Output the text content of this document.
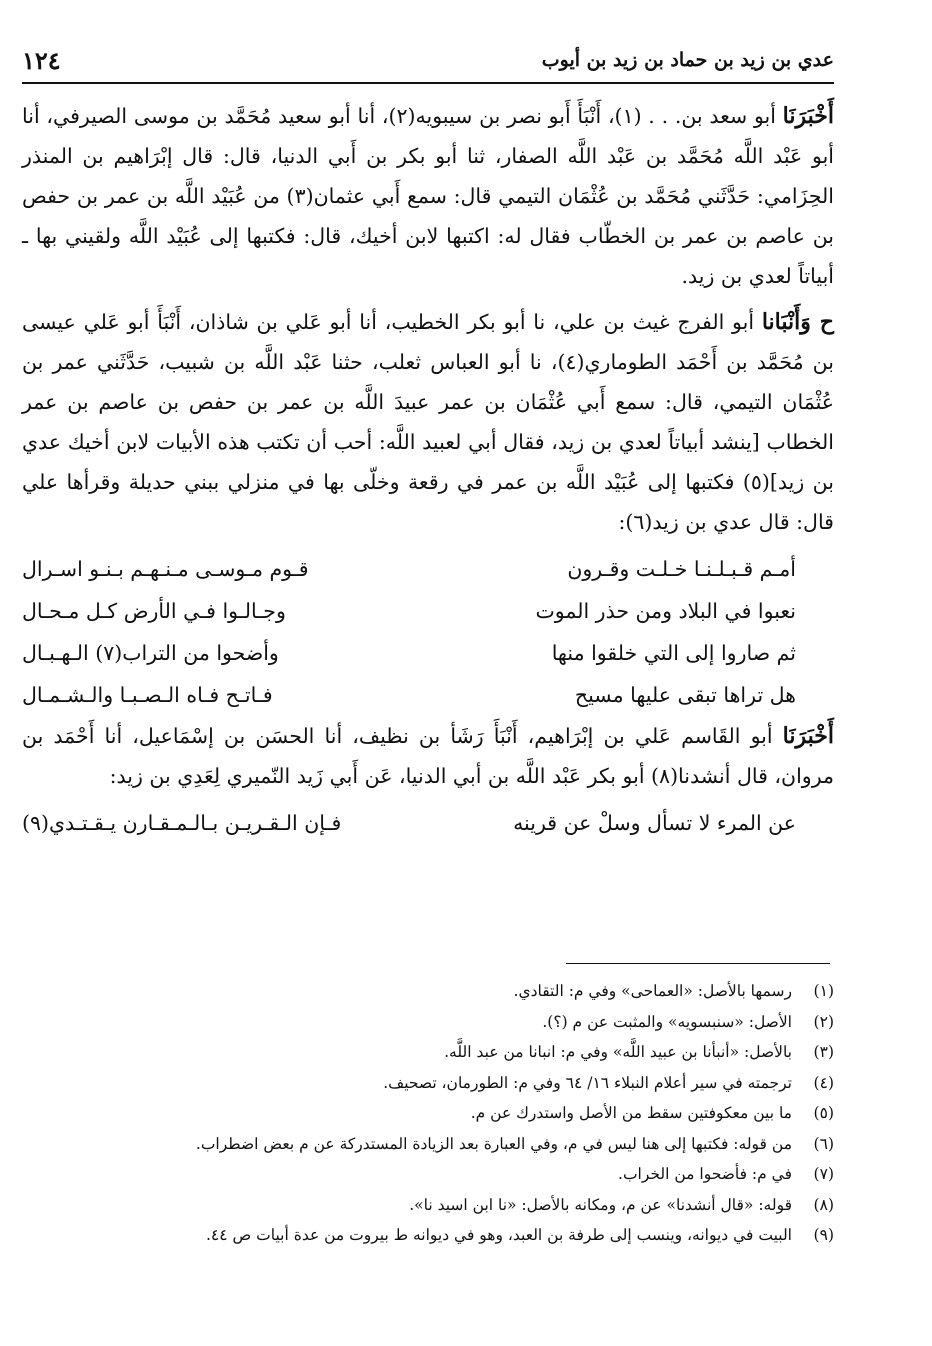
عدي بن زيد بن حماد بن زيد بن أيوب
١٢٤

أَخْبَرَنَا أبو سعد بن. . . (١)، أَنْبَأَ أَبو نصر بن سيبويه(٢)، أنا أبو سعيد مُحَمَّد بن موسى الصيرفي، أنا أبو عَبْد اللَّه مُحَمَّد بن عَبْد اللَّه الصفار، ثنا أبو بكر بن أَبي الدنيا، قال: قال إبْرَاهيم بن المنذر الحِزَامي: حَدَّثَني مُحَمَّد بن عُثْمَان التيمي قال: سمع أَبي عثمان(٣) من عُبَيْد اللَّه بن عمر بن حفص بن عاصم بن عمر بن الخطّاب فقال له: اكتبها لابن أخيك، قال: فكتبها إلى عُبَيْد اللَّه ولقيني بها ـ أبياتاً لعدي بن زيد.

ح وَأَنْبَانا أبو الفرج غيث بن علي، نا أبو بكر الخطيب، أنا أبو عَلي بن شاذان، أَنْبَأَ أبو عَلي عيسى بن مُحَمَّد بن أَحْمَد الطوماري(٤)، نا أبو العباس ثعلب، حثنا عَبْد اللَّه بن شبيب، حَدَّثَني عمر بن عُثْمَان التيمي، قال: سمع أَبي عُثْمَان بن عمر عبيدَ اللَّه بن عمر بن حفص بن عاصم بن عمر الخطاب [ينشد أبياتاً لعدي بن زيد، فقال أبي لعبيد اللَّه: أحب أن تكتب هذه الأبيات لابن أخيك عدي بن زيد](٥) فكتبها إلى عُبَيْد اللَّه بن عمر في رقعة وخلّى بها في منزلي ببني حديلة وقرأها علي قال: قال عدي بن زيد(٦):

أمـم قـبـلـنـا خـلـت وقـرون
قـوم مـوسـى مـنـهـم بـنـو اسـرال
نعبوا في البلاد ومن حذر الموت
وجـالـوا فـي الأرض كـل مـحـال
ثم صاروا إلى التي خلقوا منها
وأضحوا من التراب(٧) الـهـبـال
هل تراها تبقى عليها مسيح
فـاتـح فـاه الـصـبـا والـشـمـال

أَخْبَرَنَا أبو القَاسم عَلي بن إبْرَاهيم، أَنْبَأَ رَشَأ بن نظيف، أنا الحسَن بن إسْمَاعيل، أنا أَحْمَد بن مروان، قال أنشدنا(٨) أبو بكر عَبْد اللَّه بن أبي الدنيا، عَن أَبي زَيد النّميري لِعَدِي بن زيد:

عن المرء لا تسأل وسلْ عن قرينه
فـإن الـقـريـن بـالـمـقـارن يـقـتـدي(٩)
(١)
رسمها بالأصل: «العماحى» وفي م: التقادي.
(٢)
الأصل: «سنبسويه» والمثبت عن م (؟).
(٣)
بالأصل: «أنبأنا بن عبيد اللَّه» وفي م: انبانا من عبد اللَّه.
(٤)
ترجمته في سير أعلام النبلاء ١٦/ ٦٤ وفي م: الطورمان، تصحيف.
(٥)
ما بين معكوفتين سقط من الأصل واستدرك عن م.
(٦)
من قوله: فكتبها إلى هنا ليس في م، وفي العبارة بعد الزيادة المستدركة عن م بعض اضطراب.
(٧)
في م: فأضحوا من الخراب.
(٨)
قوله: «قال أنشدنا» عن م، ومكانه بالأصل: «نا ابن اسيد نا».
(٩)
البيت في ديوانه، وينسب إلى طرفة بن العبد، وهو في ديوانه ط بيروت من عدة أبيات ص ٤٤.
